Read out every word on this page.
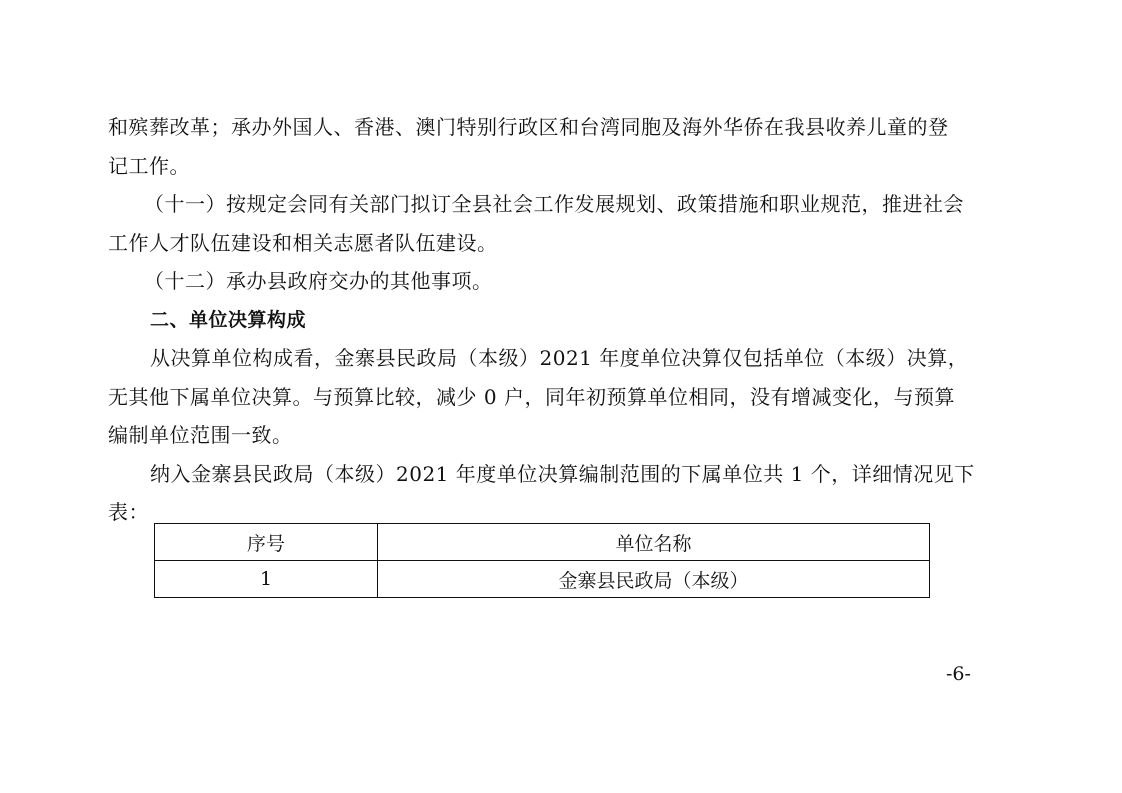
和殡葬改革；承办外国人、香港、澳门特别行政区和台湾同胞及海外华侨在我县收养儿童的登
记工作。
（十一）按规定会同有关部门拟订全县社会工作发展规划、政策措施和职业规范，推进社会
工作人才队伍建设和相关志愿者队伍建设。
（十二）承办县政府交办的其他事项。
二、单位决算构成
从决算单位构成看，金寨县民政局（本级）2021 年度单位决算仅包括单位（本级）决算，
无其他下属单位决算。与预算比较，减少 0 户，同年初预算单位相同，没有增减变化，与预算
编制单位范围一致。
纳入金寨县民政局（本级）2021 年度单位决算编制范围的下属单位共 1 个，详细情况见下
表：
序号	单位名称
1	金寨县民政局（本级）
-6-
